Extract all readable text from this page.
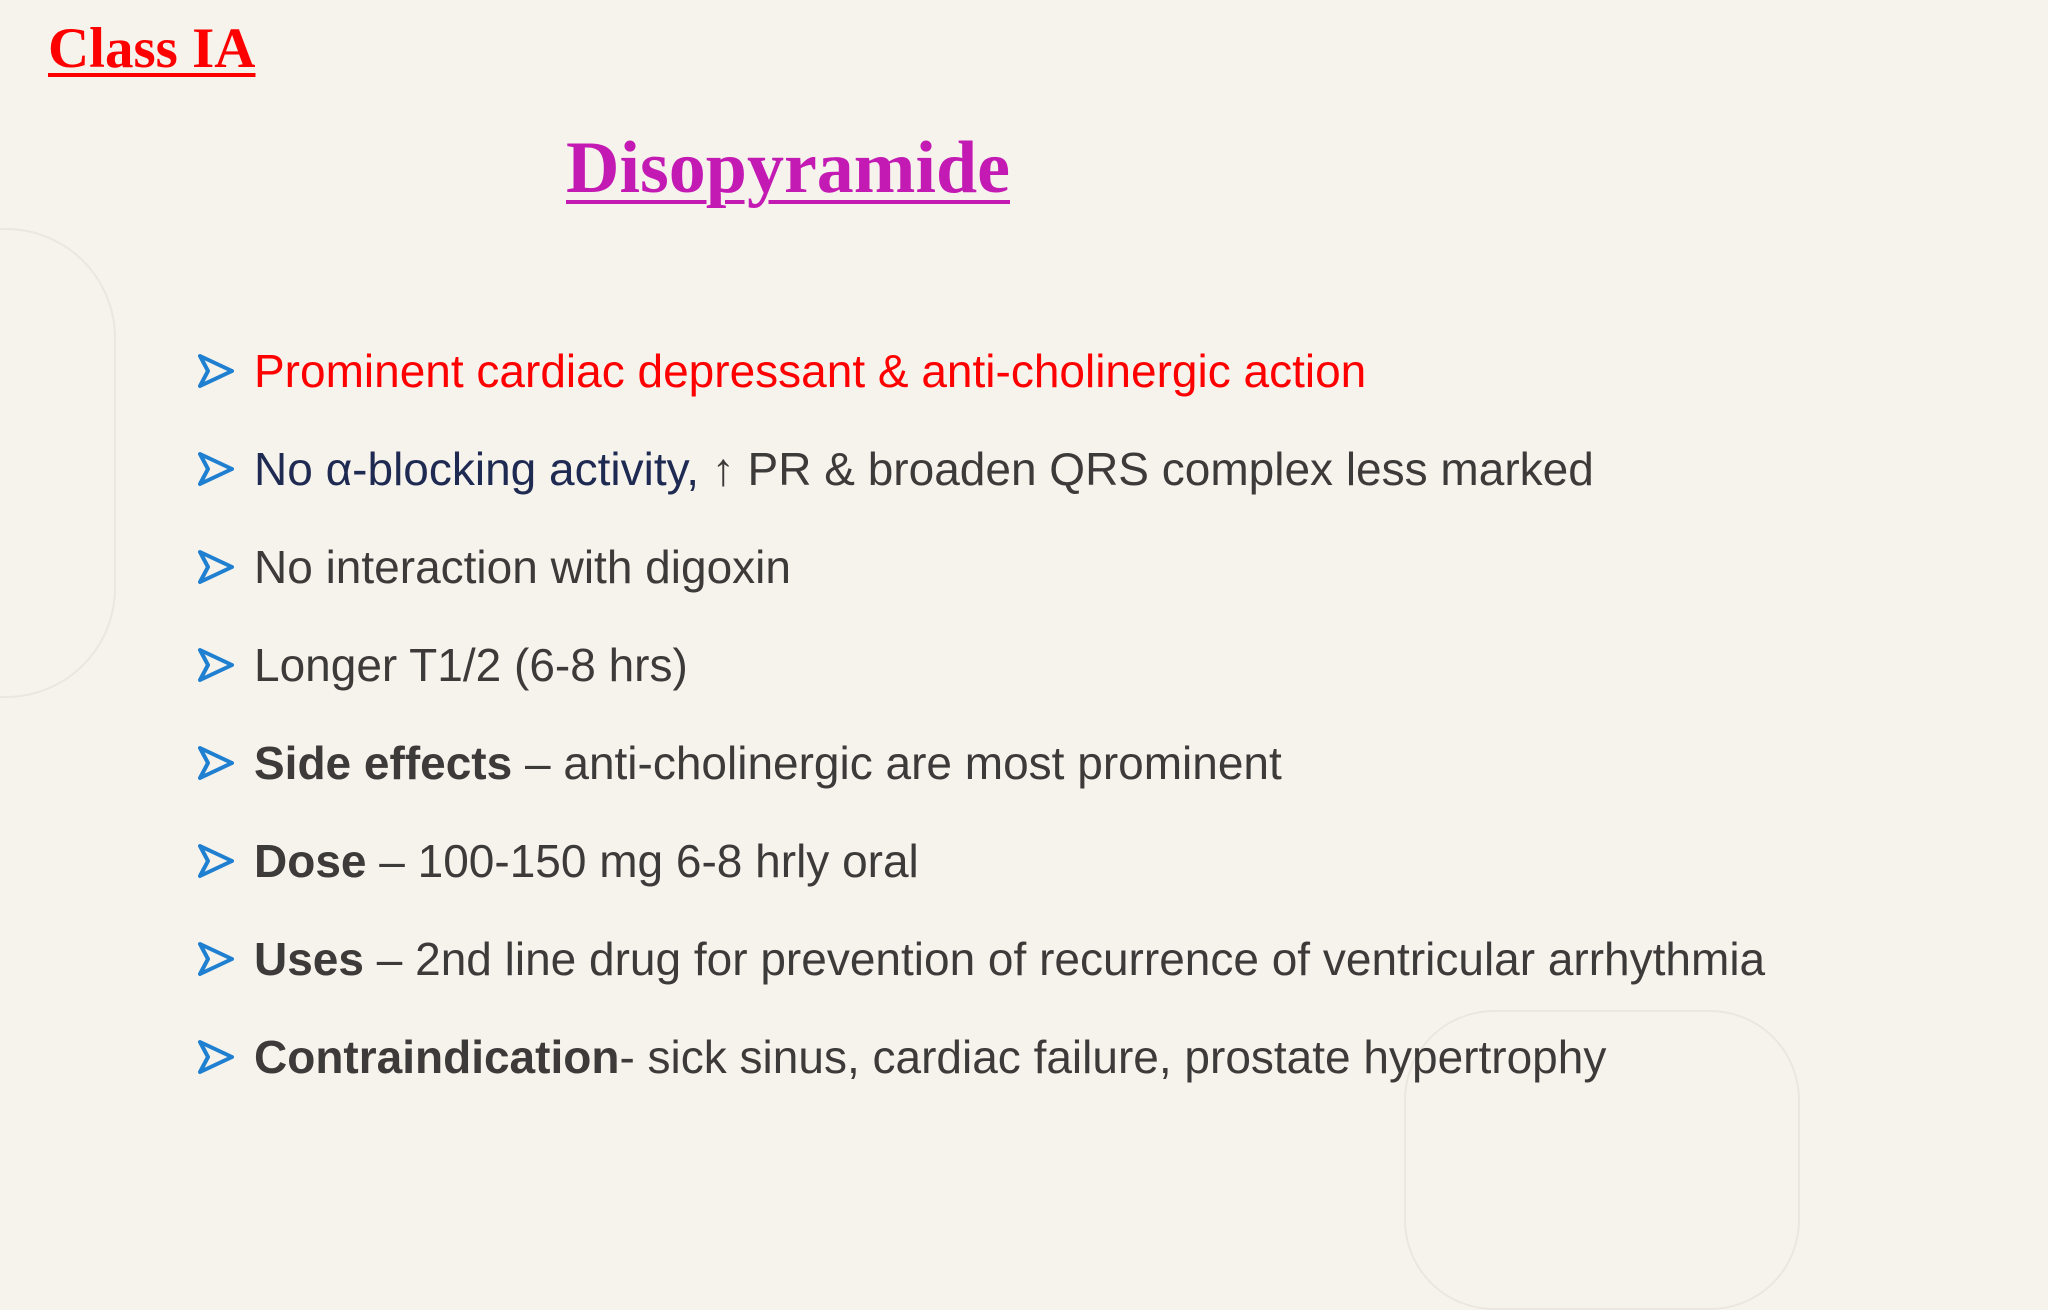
Class IA
Disopyramide
Prominent cardiac depressant & anti-cholinergic action
No α-blocking activity, ↑ PR & broaden QRS complex less marked
No interaction with digoxin
Longer T1/2 (6-8 hrs)
Side effects – anti-cholinergic are most prominent
Dose – 100-150 mg 6-8 hrly oral
Uses – 2nd line drug for prevention of recurrence of ventricular arrhythmia
Contraindication- sick sinus, cardiac failure, prostate hypertrophy
